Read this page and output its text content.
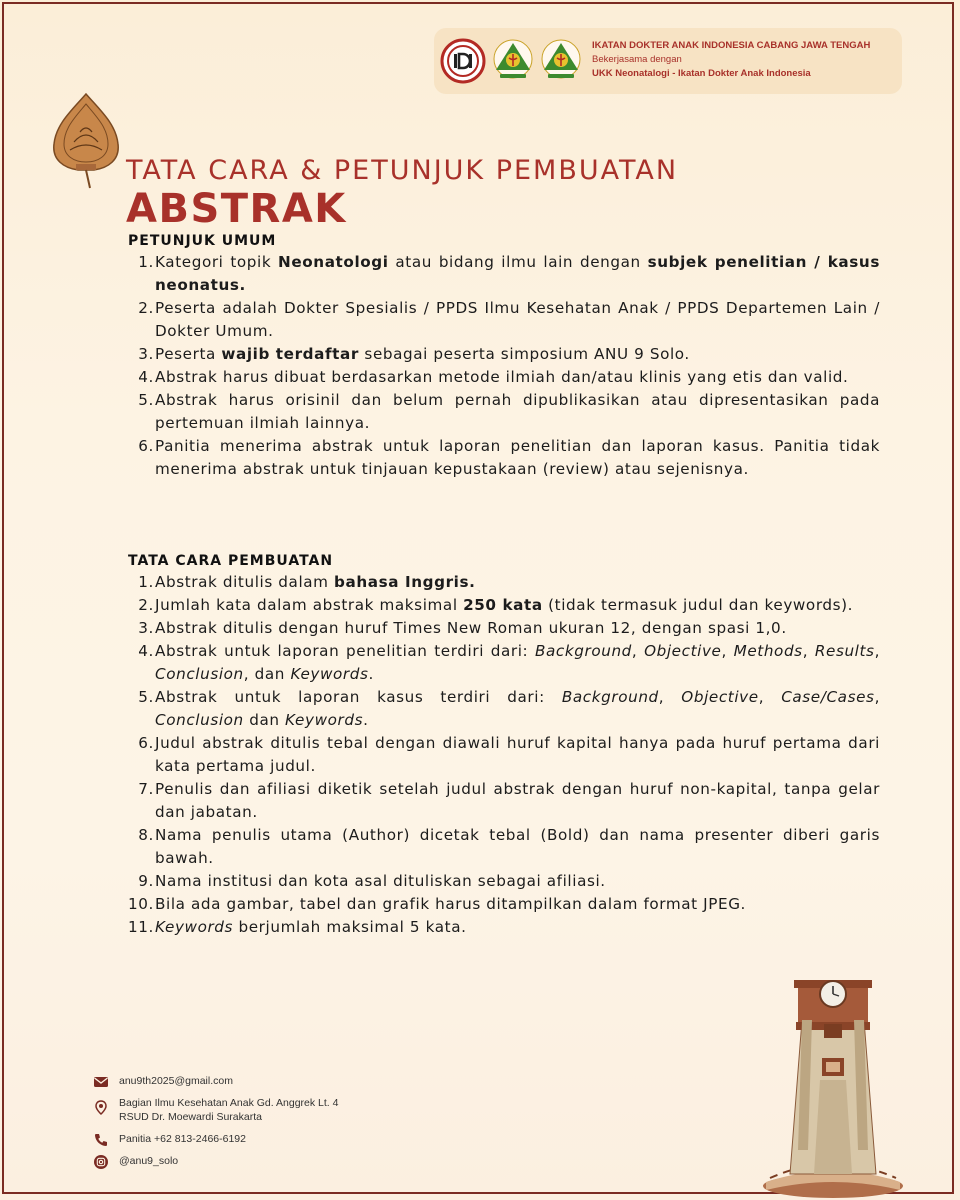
IKATAN DOKTER ANAK INDONESIA CABANG JAWA TENGAH

Bekerjasama dengan

UKK Neonatalogi - Ikatan Dokter Anak Indonesia

TATA CARA & PETUNJUK PEMBUATAN
ABSTRAK
PETUNJUK UMUM
1. Kategori topik Neonatologi atau bidang ilmu lain dengan subjek penelitian / kasus neonatus.
2. Peserta adalah Dokter Spesialis / PPDS Ilmu Kesehatan Anak / PPDS Departemen Lain / Dokter Umum.
3. Peserta wajib terdaftar sebagai peserta simposium ANU 9 Solo.
4. Abstrak harus dibuat berdasarkan metode ilmiah dan/atau klinis yang etis dan valid.
5. Abstrak harus orisinil dan belum pernah dipublikasikan atau dipresentasikan pada pertemuan ilmiah lainnya.
6. Panitia menerima abstrak untuk laporan penelitian dan laporan kasus. Panitia tidak menerima abstrak untuk tinjauan kepustakaan (review) atau sejenisnya.
TATA CARA PEMBUATAN
1. Abstrak ditulis dalam bahasa Inggris.
2. Jumlah kata dalam abstrak maksimal 250 kata (tidak termasuk judul dan keywords).
3. Abstrak ditulis dengan huruf Times New Roman ukuran 12, dengan spasi 1,0.
4. Abstrak untuk laporan penelitian terdiri dari: Background, Objective, Methods, Results, Conclusion, dan Keywords.
5. Abstrak untuk laporan kasus terdiri dari: Background, Objective, Case/Cases, Conclusion dan Keywords.
6. Judul abstrak ditulis tebal dengan diawali huruf kapital hanya pada huruf pertama dari kata pertama judul.
7. Penulis dan afiliasi diketik setelah judul abstrak dengan huruf non-kapital, tanpa gelar dan jabatan.
8. Nama penulis utama (Author) dicetak tebal (Bold) dan nama presenter diberi garis bawah.
9. Nama institusi dan kota asal dituliskan sebagai afiliasi.
10. Bila ada gambar, tabel dan grafik harus ditampilkan dalam format JPEG.
11. Keywords berjumlah maksimal 5 kata.

anu9th2025@gmail.com

Bagian Ilmu Kesehatan Anak Gd. Anggrek Lt. 4

RSUD Dr. Moewardi Surakarta

Panitia +62 813-2466-6192

@anu9_solo
